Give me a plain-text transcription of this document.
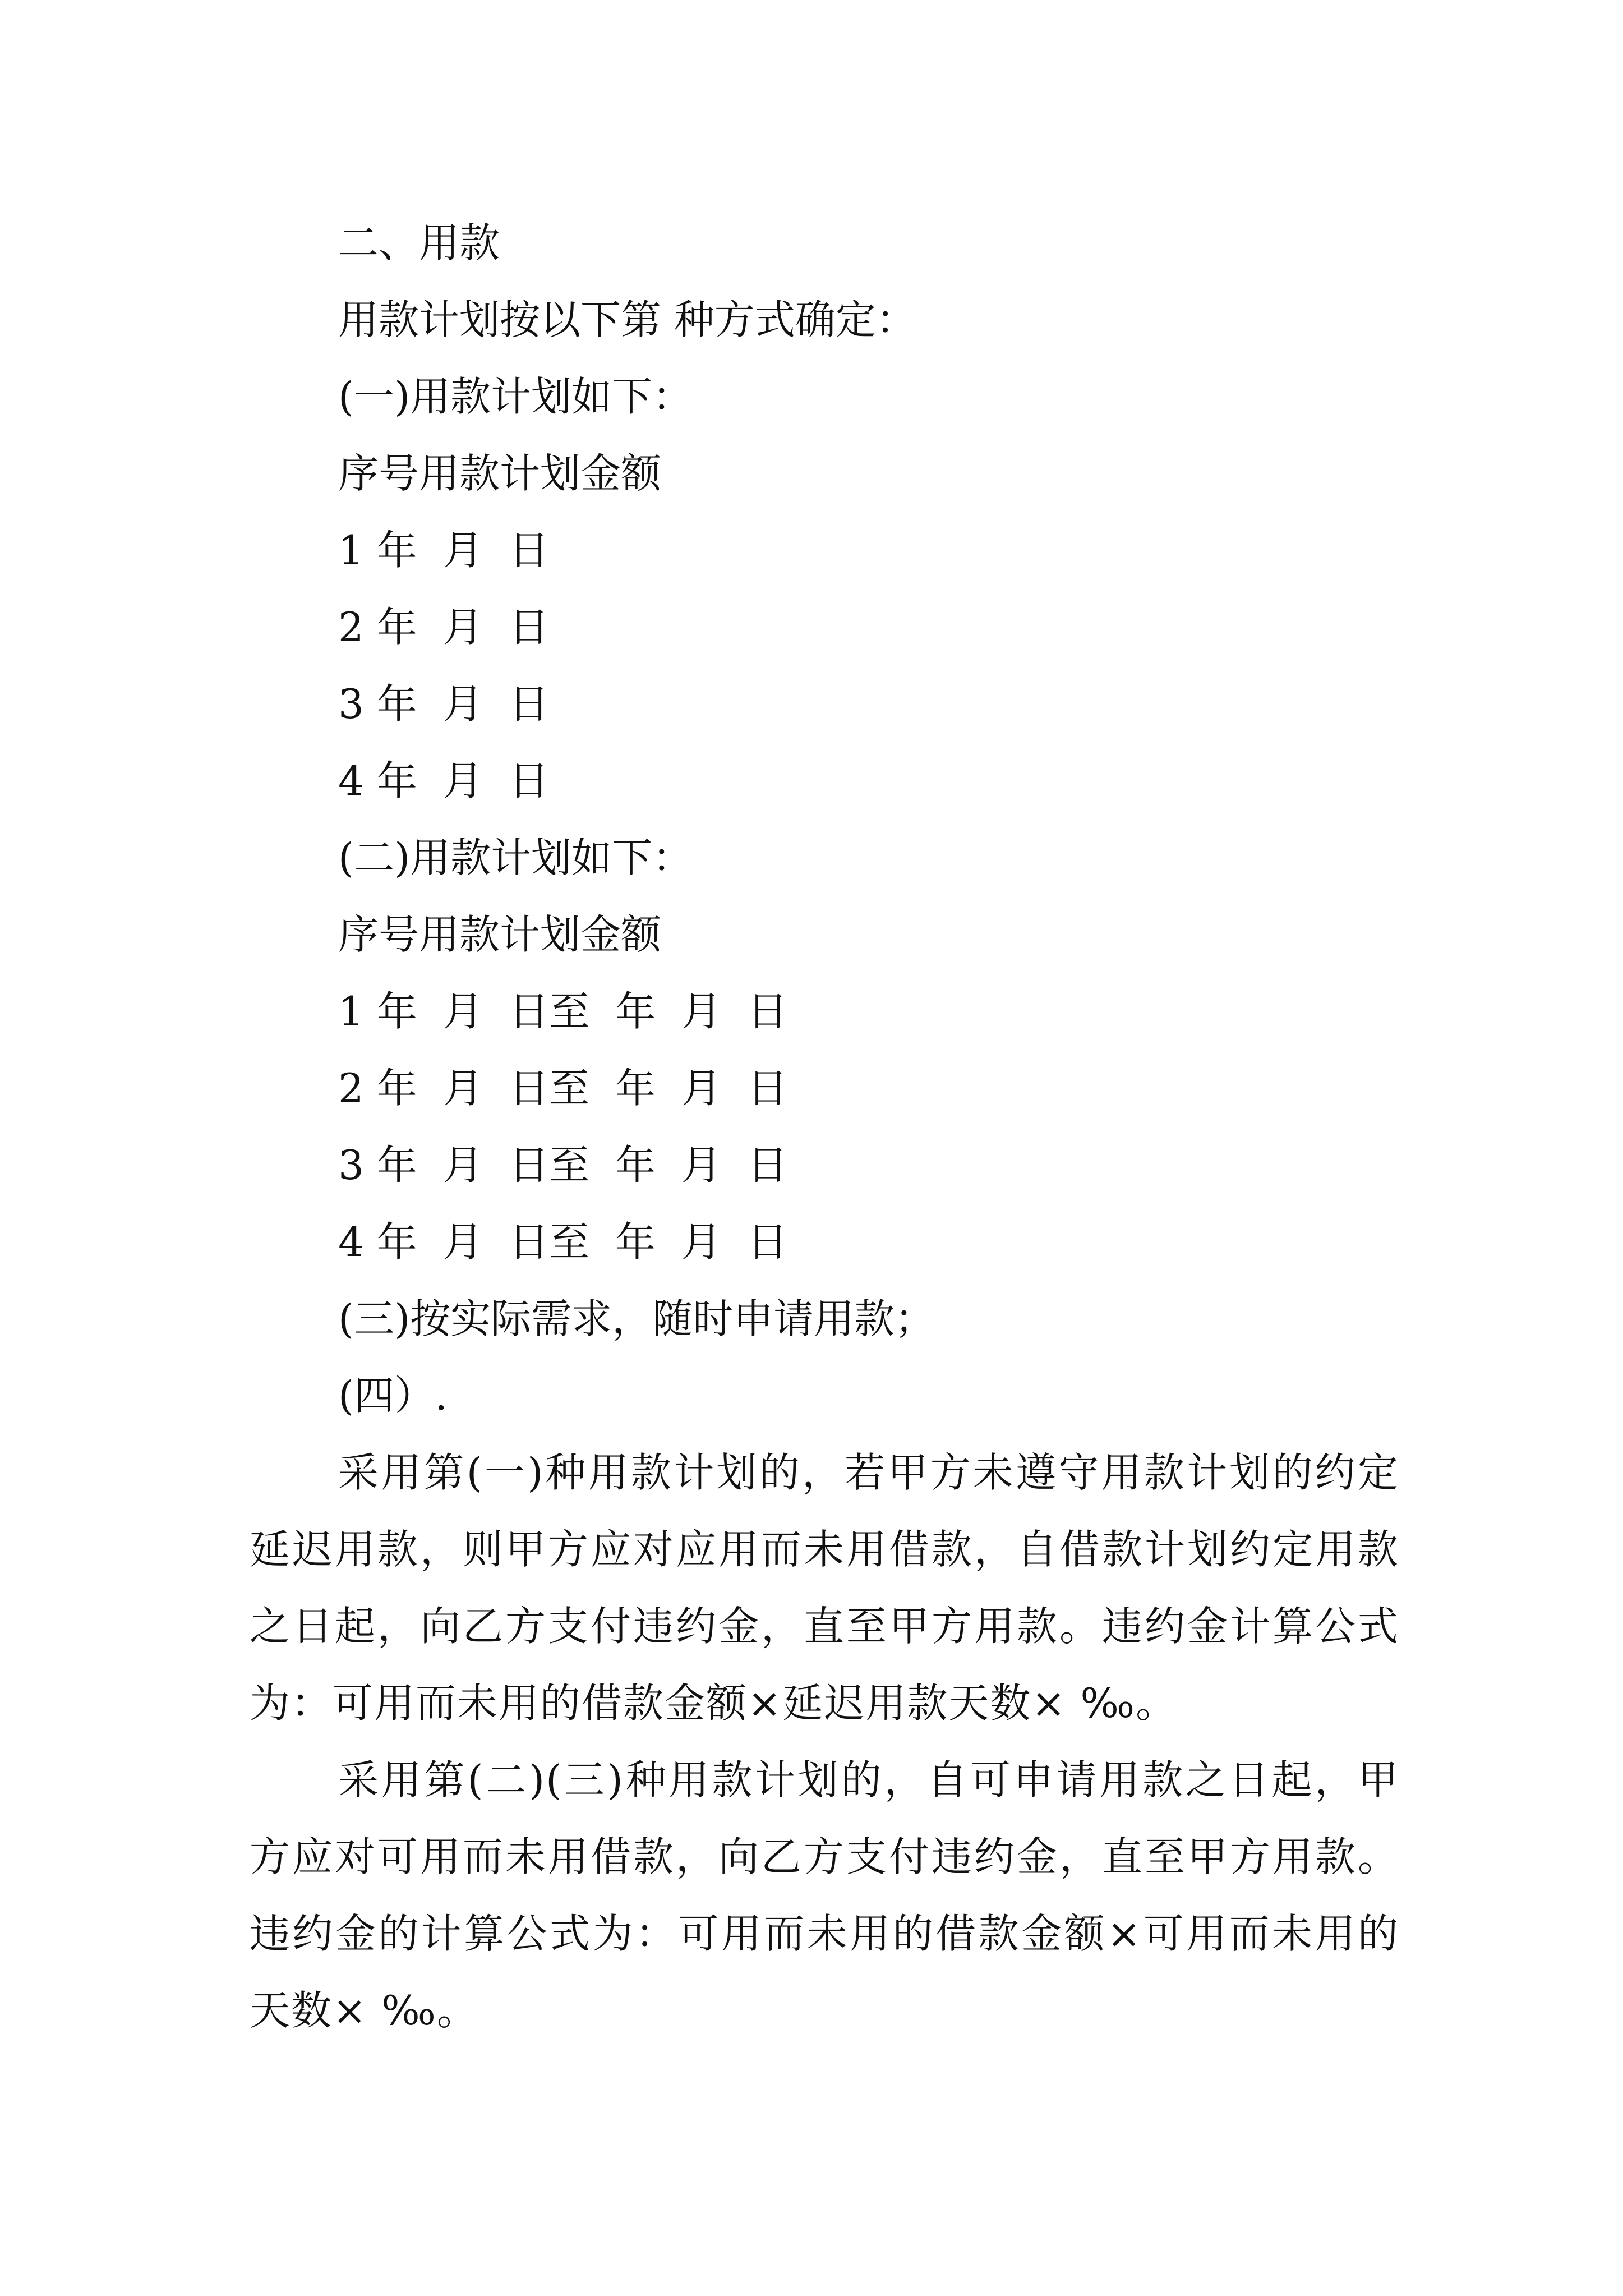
二、用款

用款计划按以下第 种方式确定：

(一)用款计划如下：

序号用款计划金额

1 年  月  日

2 年  月  日

3 年  月  日

4 年  月  日

(二)用款计划如下：

序号用款计划金额

1 年  月  日至  年  月  日

2 年  月  日至  年  月  日

3 年  月  日至  年  月  日

4 年  月  日至  年  月  日

(三)按实际需求，随时申请用款；

(四）.

采用第(一)种用款计划的，若甲方未遵守用款计划的约定延迟用款，则甲方应对应用而未用借款，自借款计划约定用款之日起，向乙方支付违约金，直至甲方用款。违约金计算公式为：可用而未用的借款金额×延迟用款天数× ‰。

采用第(二)(三)种用款计划的，自可申请用款之日起，甲方应对可用而未用借款，向乙方支付违约金，直至甲方用款。违约金的计算公式为：可用而未用的借款金额×可用而未用的天数× ‰。
